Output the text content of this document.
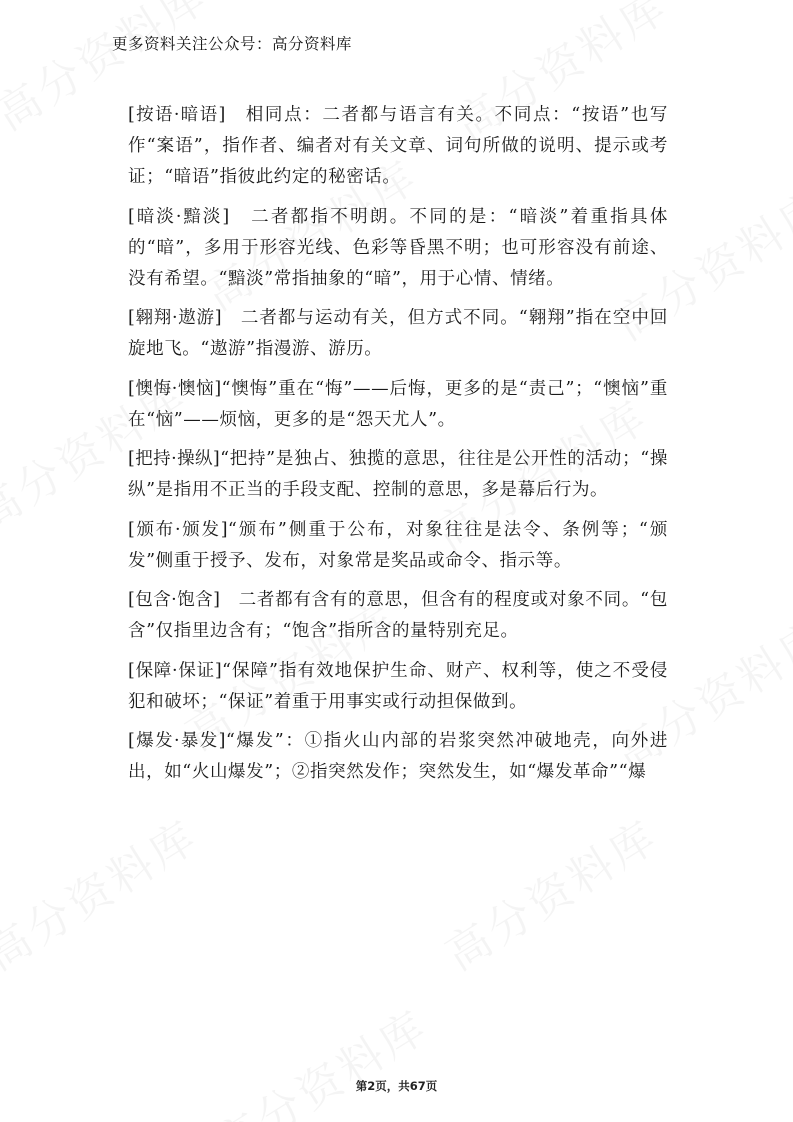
更多资料关注公众号：高分资料库

[按语·暗语]　相同点：二者都与语言有关。不同点：“按语”也写作“案语”，指作者、编者对有关文章、词句所做的说明、提示或考证；“暗语”指彼此约定的秘密话。

[暗淡·黯淡]　二者都指不明朗。不同的是：“暗淡”着重指具体的“暗”，多用于形容光线、色彩等昏黑不明；也可形容没有前途、没有希望。“黯淡”常指抽象的“暗”，用于心情、情绪。

[翱翔·遨游]　二者都与运动有关，但方式不同。“翱翔”指在空中回旋地飞。“遨游”指漫游、游历。

[懊悔·懊恼]“懊悔”重在“悔”——后悔，更多的是“责己”；“懊恼”重在“恼”——烦恼，更多的是“怨天尤人”。

[把持·操纵]“把持”是独占、独揽的意思，往往是公开性的活动；“操纵”是指用不正当的手段支配、控制的意思，多是幕后行为。

[颁布·颁发]“颁布”侧重于公布，对象往往是法令、条例等；“颁发”侧重于授予、发布，对象常是奖品或命令、指示等。

[包含·饱含]　二者都有含有的意思，但含有的程度或对象不同。“包含”仅指里边含有；“饱含”指所含的量特别充足。

[保障·保证]“保障”指有效地保护生命、财产、权利等，使之不受侵犯和破坏；“保证”着重于用事实或行动担保做到。

[爆发·暴发]“爆发”：①指火山内部的岩浆突然冲破地壳，向外进出，如“火山爆发”；②指突然发作；突然发生，如“爆发革命”“爆

第2页，共67页
